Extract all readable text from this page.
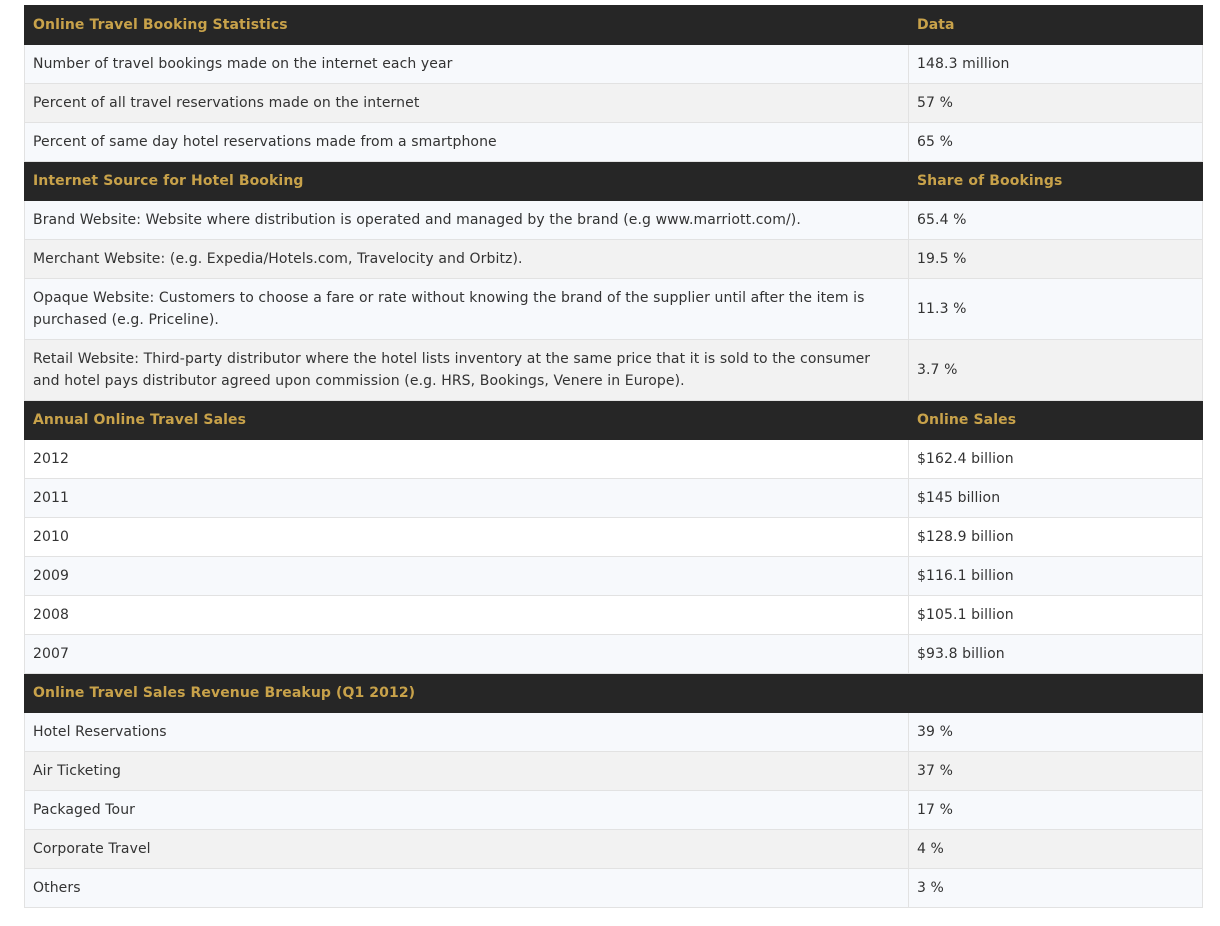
Online Travel Booking Statistics	Data
Number of travel bookings made on the internet each year	148.3 million
Percent of all travel reservations made on the internet	57 %
Percent of same day hotel reservations made from a smartphone	65 %
Internet Source for Hotel Booking	Share of Bookings
Brand Website: Website where distribution is operated and managed by the brand (e.g www.marriott.com/).	65.4 %
Merchant Website: (e.g. Expedia/Hotels.com, Travelocity and Orbitz).	19.5 %
Opaque Website: Customers to choose a fare or rate without knowing the brand of the supplier until after the item is purchased (e.g. Priceline).	11.3 %
Retail Website: Third-party distributor where the hotel lists inventory at the same price that it is sold to the consumer and hotel pays distributor agreed upon commission (e.g. HRS, Bookings, Venere in Europe).	3.7 %
Annual Online Travel Sales	Online Sales
2012	$162.4 billion
2011	$145 billion
2010	$128.9 billion
2009	$116.1 billion
2008	$105.1 billion
2007	$93.8 billion
Online Travel Sales Revenue Breakup (Q1 2012)	
Hotel Reservations	39 %
Air Ticketing	37 %
Packaged Tour	17 %
Corporate Travel	4 %
Others	3 %
